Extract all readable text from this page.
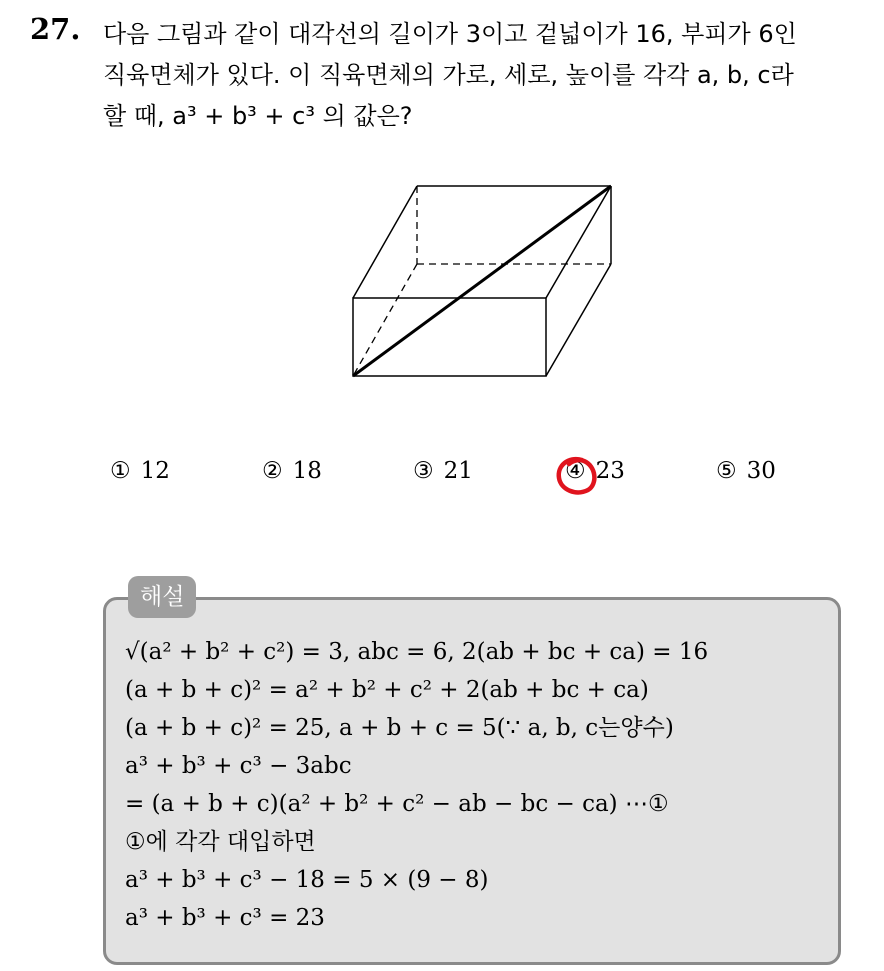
27. 다음 그림과 같이 대각선의 길이가 3이고 겉넓이가 16, 부피가 6인
직육면체가 있다. 이 직육면체의 가로, 세로, 높이를 각각 a, b, c라
할 때, a³ + b³ + c³ 의 값은?
① 12	② 18	③ 21	④ 23	⑤ 30
해설
√(a² + b² + c²) = 3, abc = 6, 2(ab + bc + ca) = 16
(a + b + c)² = a² + b² + c² + 2(ab + bc + ca)
(a + b + c)² = 25, a + b + c = 5(∵ a, b, c는양수)
a³ + b³ + c³ − 3abc
= (a + b + c)(a² + b² + c² − ab − bc − ca) ⋯①
①에 각각 대입하면
a³ + b³ + c³ − 18 = 5 × (9 − 8)
a³ + b³ + c³ = 23
